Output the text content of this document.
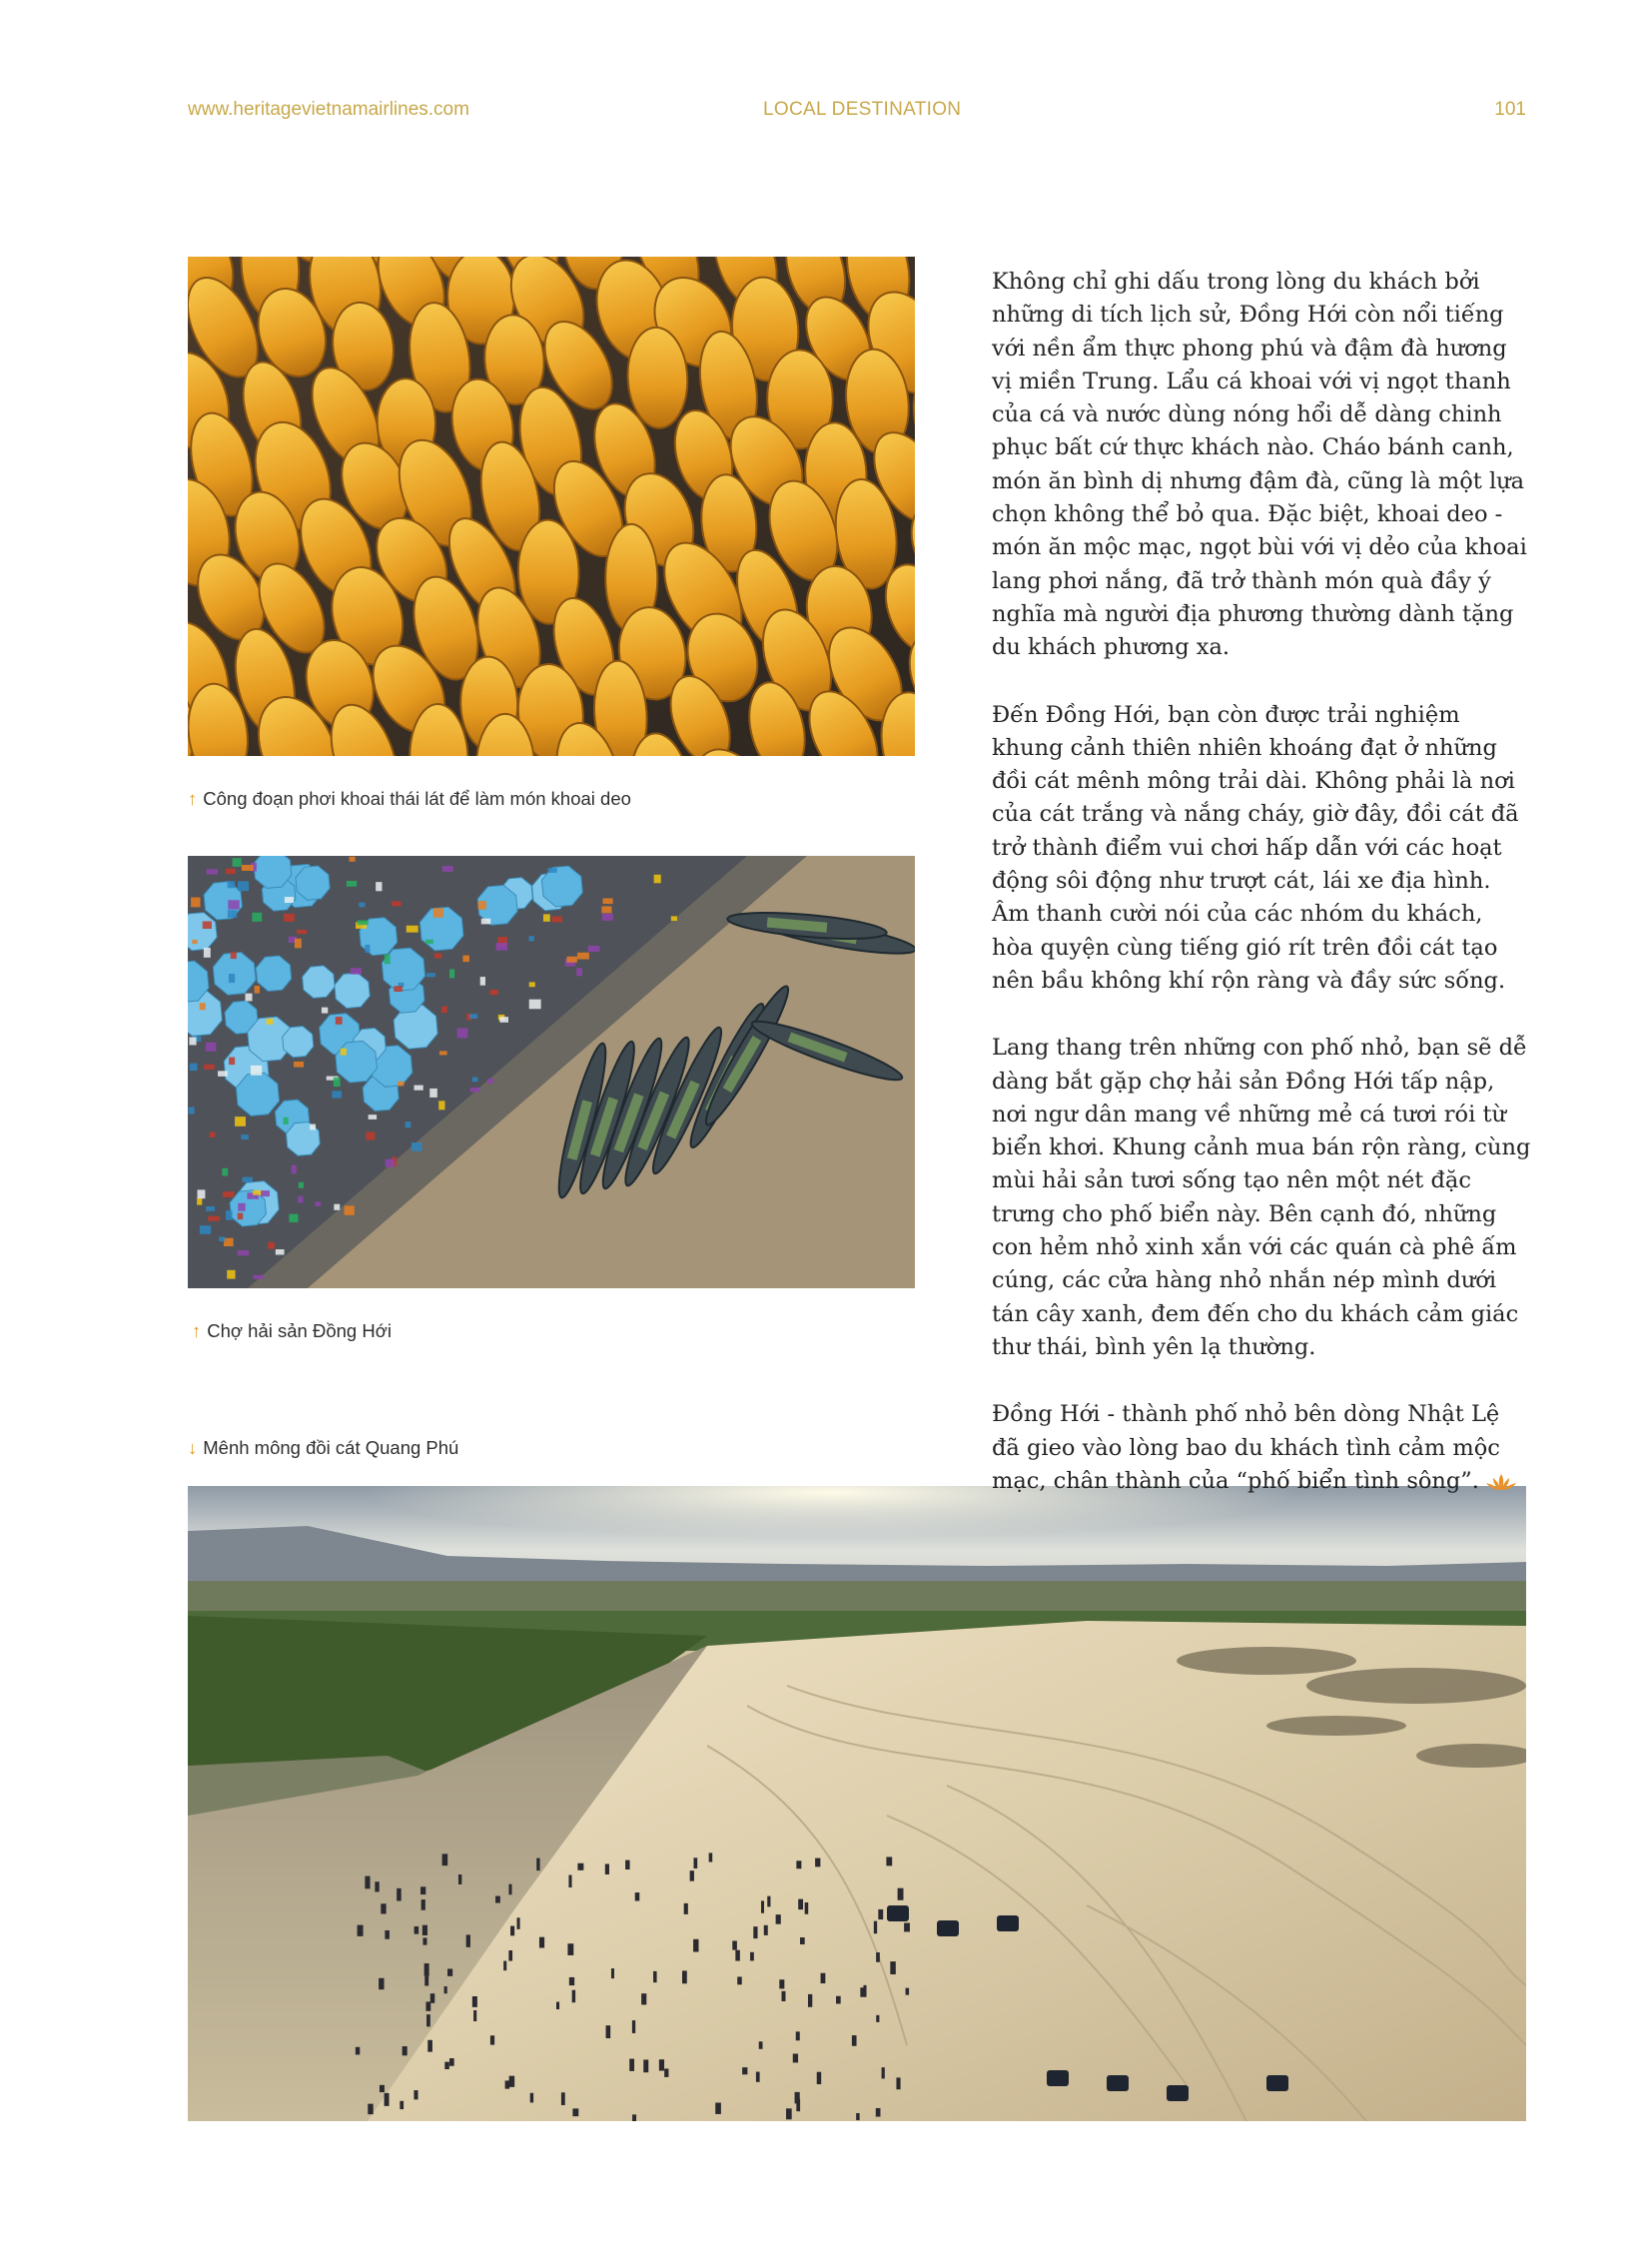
www.heritagevietnamairlines.com	LOCAL DESTINATION	101
↑ Công đoạn phơi khoai thái lát để làm món khoai deo
↑ Chợ hải sản Đồng Hới
↓ Mênh mông đồi cát Quang Phú

Không chỉ ghi dấu trong lòng du khách bởi những di tích lịch sử, Đồng Hới còn nổi tiếng với nền ẩm thực phong phú và đậm đà hương vị miền Trung. Lẩu cá khoai với vị ngọt thanh của cá và nước dùng nóng hổi dễ dàng chinh phục bất cứ thực khách nào. Cháo bánh canh, món ăn bình dị nhưng đậm đà, cũng là một lựa chọn không thể bỏ qua. Đặc biệt, khoai deo - món ăn mộc mạc, ngọt bùi với vị dẻo của khoai lang phơi nắng, đã trở thành món quà đầy ý nghĩa mà người địa phương thường dành tặng du khách phương xa.

Đến Đồng Hới, bạn còn được trải nghiệm khung cảnh thiên nhiên khoáng đạt ở những đồi cát mênh mông trải dài. Không phải là nơi của cát trắng và nắng cháy, giờ đây, đồi cát đã trở thành điểm vui chơi hấp dẫn với các hoạt động sôi động như trượt cát, lái xe địa hình. Âm thanh cười nói của các nhóm du khách, hòa quyện cùng tiếng gió rít trên đồi cát tạo nên bầu không khí rộn ràng và đầy sức sống.

Lang thang trên những con phố nhỏ, bạn sẽ dễ dàng bắt gặp chợ hải sản Đồng Hới tấp nập, nơi ngư dân mang về những mẻ cá tươi rói từ biển khơi. Khung cảnh mua bán rộn ràng, cùng mùi hải sản tươi sống tạo nên một nét đặc trưng cho phố biển này. Bên cạnh đó, những con hẻm nhỏ xinh xắn với các quán cà phê ấm cúng, các cửa hàng nhỏ nhắn nép mình dưới tán cây xanh, đem đến cho du khách cảm giác thư thái, bình yên lạ thường.

Đồng Hới - thành phố nhỏ bên dòng Nhật Lệ đã gieo vào lòng bao du khách tình cảm mộc mạc, chân thành của “phố biển tình sông”.
